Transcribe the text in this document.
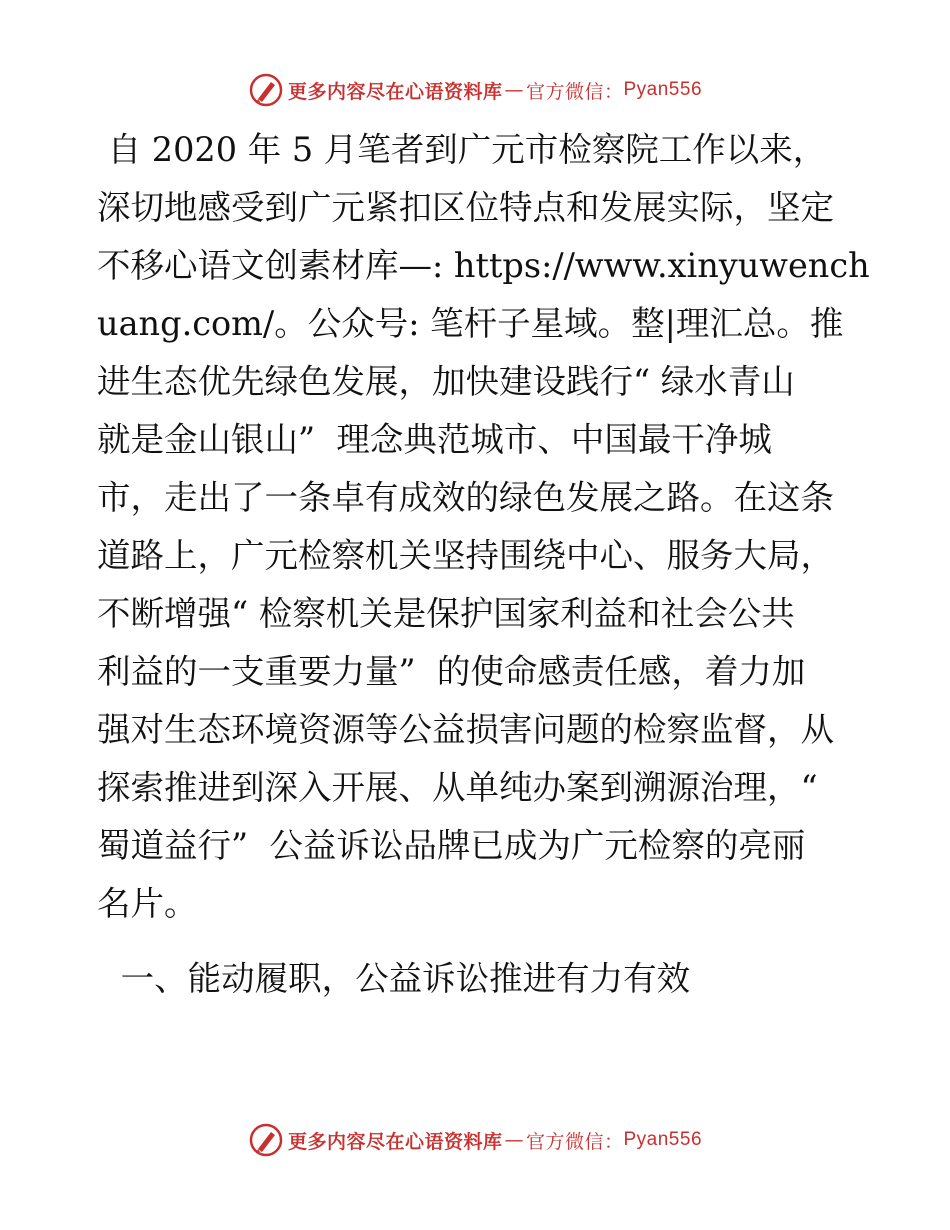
更多内容尽在心语资料库 — 官方微信： Pyan556
自 2020 年 5 月笔者到广元市检察院工作以来，
深切地感受到广元紧扣区位特点和发展实际，坚定
不移心语文创素材库—: https://www.xinyuwench
uang.com/。公众号: 笔杆子星域。整|理汇总。推
进生态优先绿色发展，加快建设践行“ 绿水青山
就是金山银山”  理念典范城市、中国最干净城
市，走出了一条卓有成效的绿色发展之路。在这条
道路上，广元检察机关坚持围绕中心、服务大局，
不断增强“ 检察机关是保护国家利益和社会公共
利益的一支重要力量”  的使命感责任感，着力加
强对生态环境资源等公益损害问题的检察监督，从
探索推进到深入开展、从单纯办案到溯源治理，“
蜀道益行”  公益诉讼品牌已成为广元检察的亮丽
名片。
一、能动履职，公益诉讼推进有力有效
更多内容尽在心语资料库 — 官方微信： Pyan556
